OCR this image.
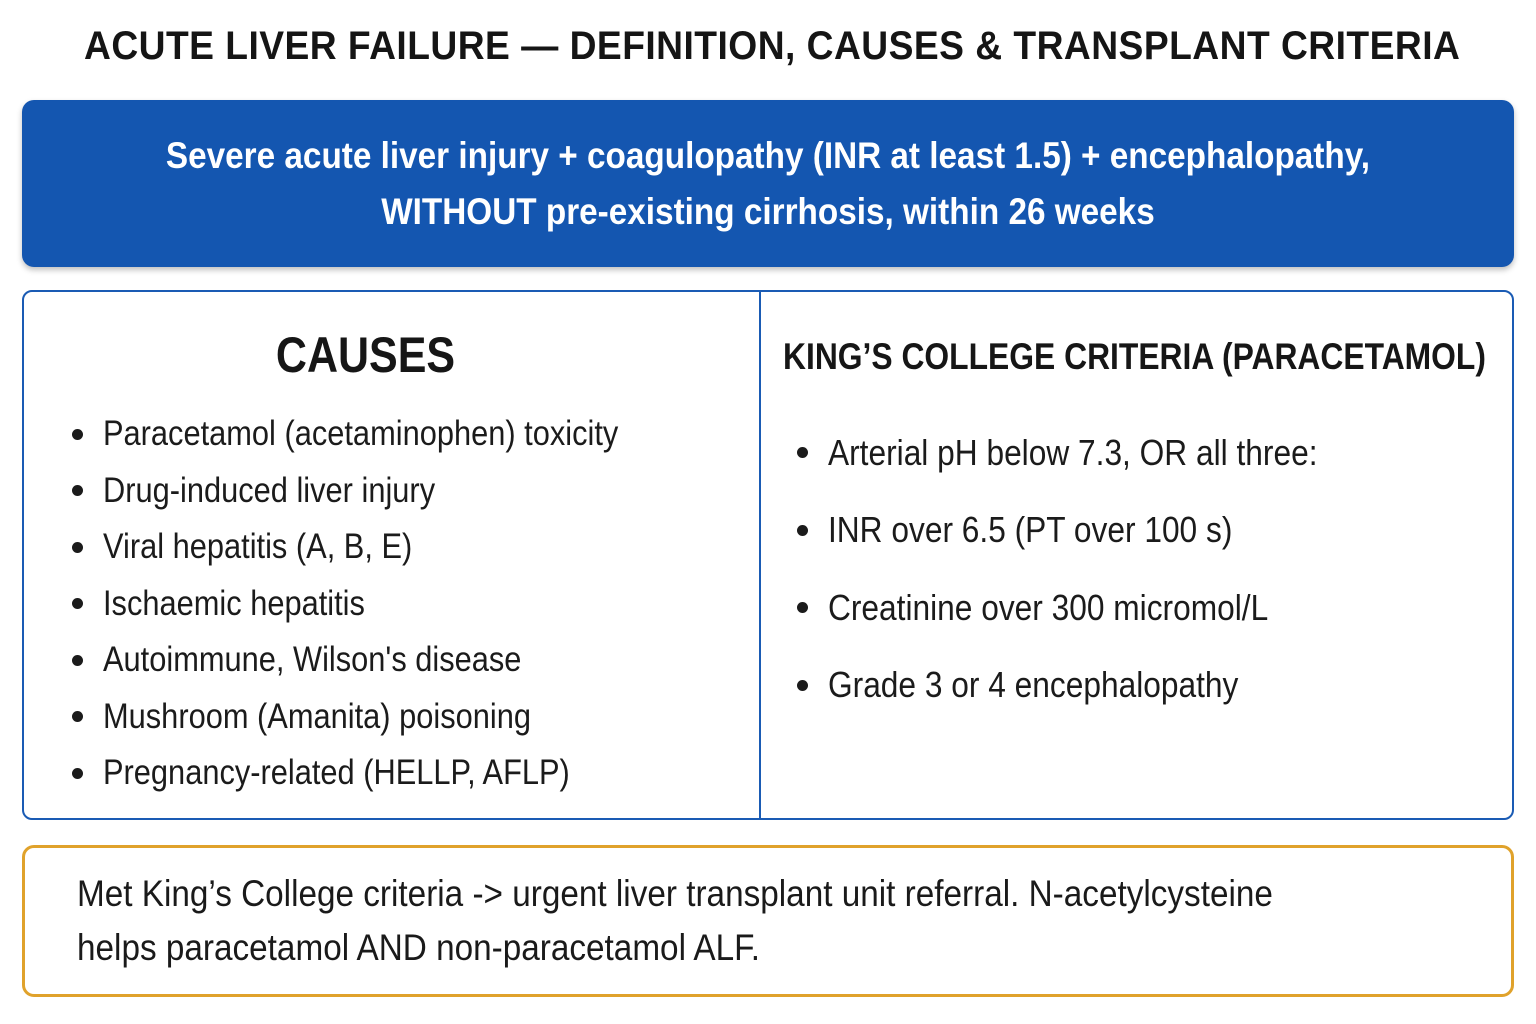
ACUTE LIVER FAILURE — DEFINITION, CAUSES & TRANSPLANT CRITERIA
Severe acute liver injury + coagulopathy (INR at least 1.5) + encephalopathy,
WITHOUT pre-existing cirrhosis, within 26 weeks
CAUSES
Paracetamol (acetaminophen) toxicity
Drug-induced liver injury
Viral hepatitis (A, B, E)
Ischaemic hepatitis
Autoimmune, Wilson's disease
Mushroom (Amanita) poisoning
Pregnancy-related (HELLP, AFLP)
KING’S COLLEGE CRITERIA (PARACETAMOL)
Arterial pH below 7.3, OR all three:
INR over 6.5 (PT over 100 s)
Creatinine over 300 micromol/L
Grade 3 or 4 encephalopathy
Met King’s College criteria -> urgent liver transplant unit referral. N-acetylcysteine
helps paracetamol AND non-paracetamol ALF.
